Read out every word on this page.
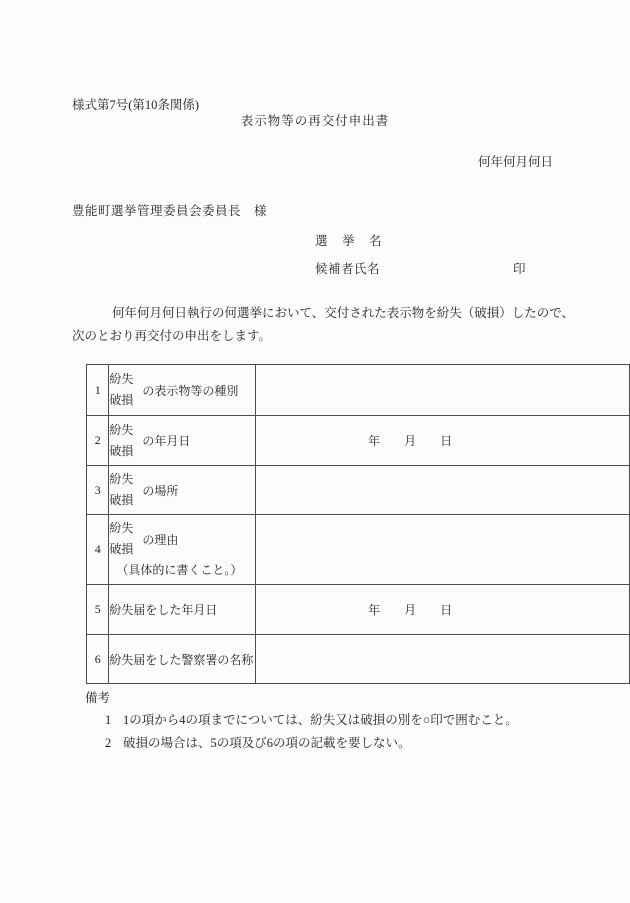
様式第7号(第10条関係)
表示物等の再交付申出書
何年何月何日
豊能町選挙管理委員会委員長　様
選　挙　名
候補者氏名	印
何年何月何日執行の何選挙において、交付された表示物を紛失（破損）したので、
次のとおり再交付の申出をします。
1	紛失
破損
の表示物等の種別	

2	紛失
破損
の年月日	年　　月　　日
3	紛失
破損
の場所	

4	紛失
破損
の理由
（具体的に書くこと。）	

5	紛失届をした年月日	年　　月　　日
6	紛失届をした警察署の名称	

備考
1 1の項から4の項までについては、紛失又は破損の別を○印で囲むこと。
2 破損の場合は、5の項及び6の項の記載を要しない。
